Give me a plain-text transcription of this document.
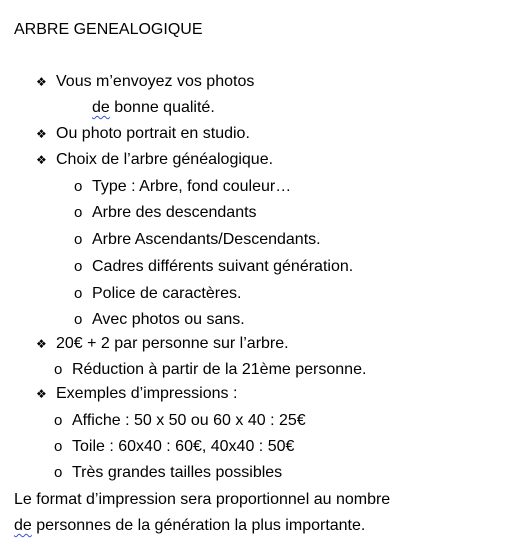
ARBRE GENEALOGIQUE
❖ Vous m’envoyez vos photos
de bonne qualité.
❖ Ou photo portrait en studio.
❖ Choix de l’arbre généalogique.
o Type : Arbre, fond couleur…
o Arbre des descendants
o Arbre Ascendants/Descendants.
o Cadres différents suivant génération.
o Police de caractères.
o Avec photos ou sans.
❖ 20€ + 2 par personne sur l’arbre.
o Réduction à partir de la 21ème personne.
❖ Exemples d’impressions :
o Affiche : 50 x 50 ou 60 x 40 : 25€
o Toile : 60x40 : 60€, 40x40 : 50€
o Très grandes tailles possibles
Le format d’impression sera proportionnel au nombre
de personnes de la génération la plus importante.
